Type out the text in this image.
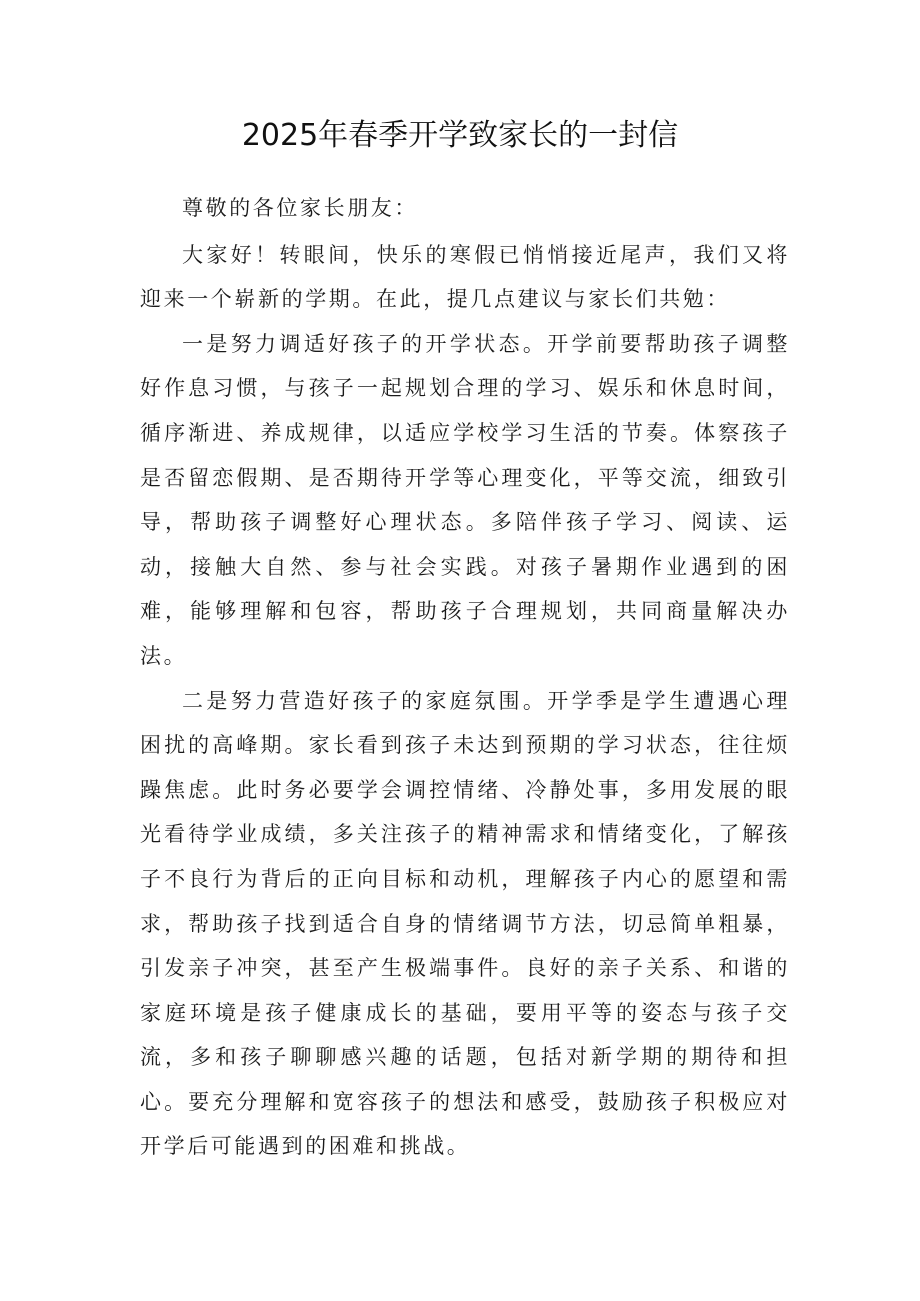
2025年春季开学致家长的一封信

尊敬的各位家长朋友：

大家好！转眼间，快乐的寒假已悄悄接近尾声，我们又将迎来一个崭新的学期。在此，提几点建议与家长们共勉：

一是努力调适好孩子的开学状态。开学前要帮助孩子调整好作息习惯，与孩子一起规划合理的学习、娱乐和休息时间，循序渐进、养成规律，以适应学校学习生活的节奏。体察孩子是否留恋假期、是否期待开学等心理变化，平等交流，细致引导，帮助孩子调整好心理状态。多陪伴孩子学习、阅读、运动，接触大自然、参与社会实践。对孩子暑期作业遇到的困难，能够理解和包容，帮助孩子合理规划，共同商量解决办法。

二是努力营造好孩子的家庭氛围。开学季是学生遭遇心理困扰的高峰期。家长看到孩子未达到预期的学习状态，往往烦躁焦虑。此时务必要学会调控情绪、冷静处事，多用发展的眼光看待学业成绩，多关注孩子的精神需求和情绪变化，了解孩子不良行为背后的正向目标和动机，理解孩子内心的愿望和需求，帮助孩子找到适合自身的情绪调节方法，切忌简单粗暴，引发亲子冲突，甚至产生极端事件。良好的亲子关系、和谐的家庭环境是孩子健康成长的基础，要用平等的姿态与孩子交流，多和孩子聊聊感兴趣的话题，包括对新学期的期待和担心。要充分理解和宽容孩子的想法和感受，鼓励孩子积极应对开学后可能遇到的困难和挑战。
